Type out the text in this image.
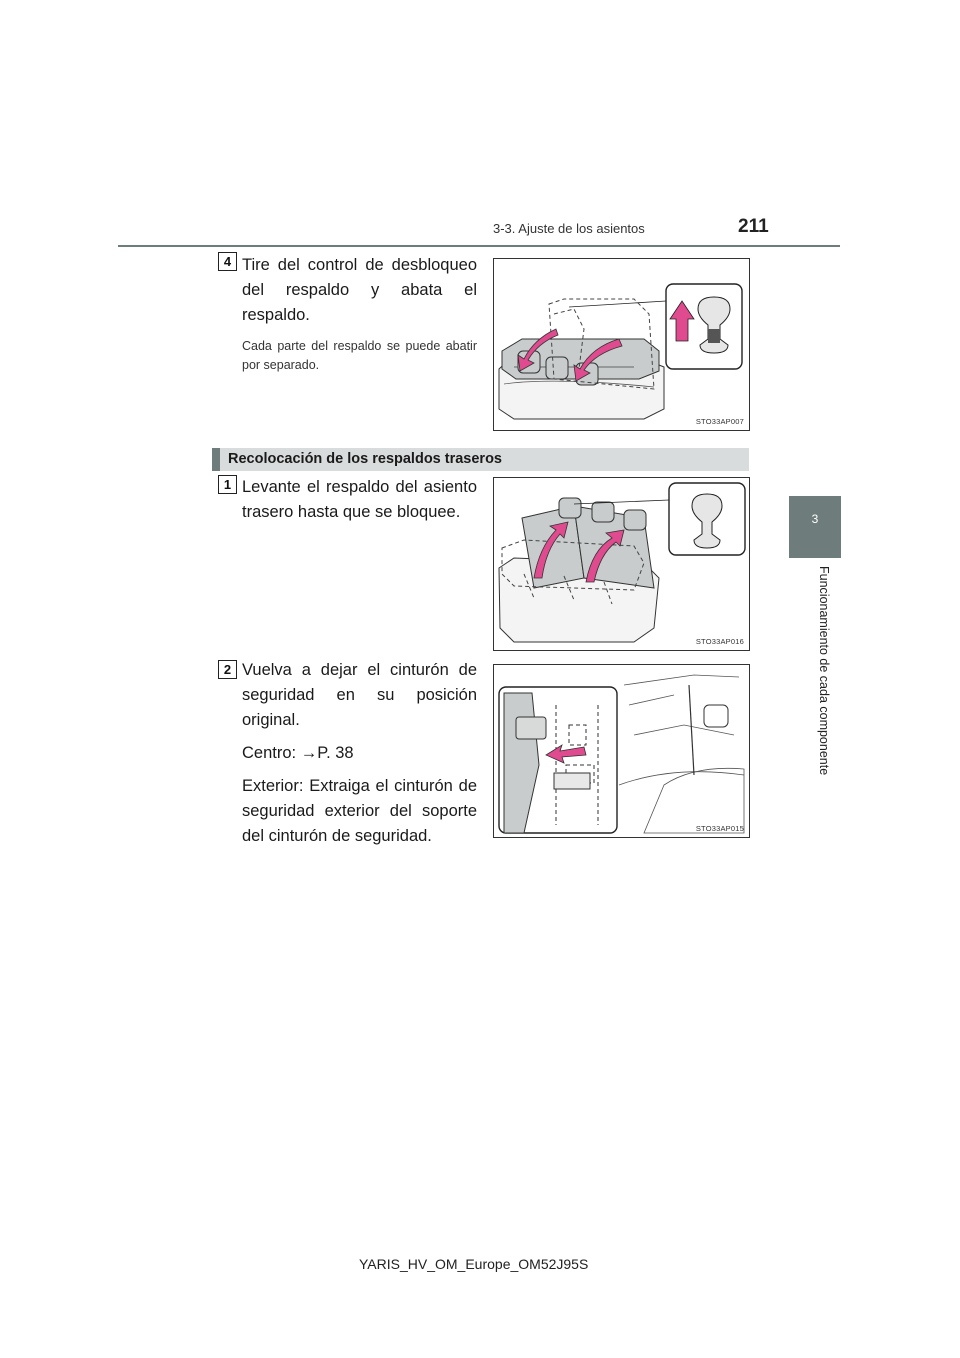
3-3. Ajuste de los asientos	211
3
Funcionamiento de cada componente
4 Tire del control de desbloqueo del respaldo y abata el respaldo.
Cada parte del respaldo se puede abatir por separado.
STO33AP007
Recolocación de los respaldos traseros
1 Levante el respaldo del asiento trasero hasta que se bloquee.
STO33AP016
2 Vuelva a dejar el cinturón de seguridad en su posición original.
Centro: →P. 38
Exterior: Extraiga el cinturón de seguridad exterior del soporte del cinturón de seguridad.	STO33AP015
YARIS_HV_OM_Europe_OM52J95S
